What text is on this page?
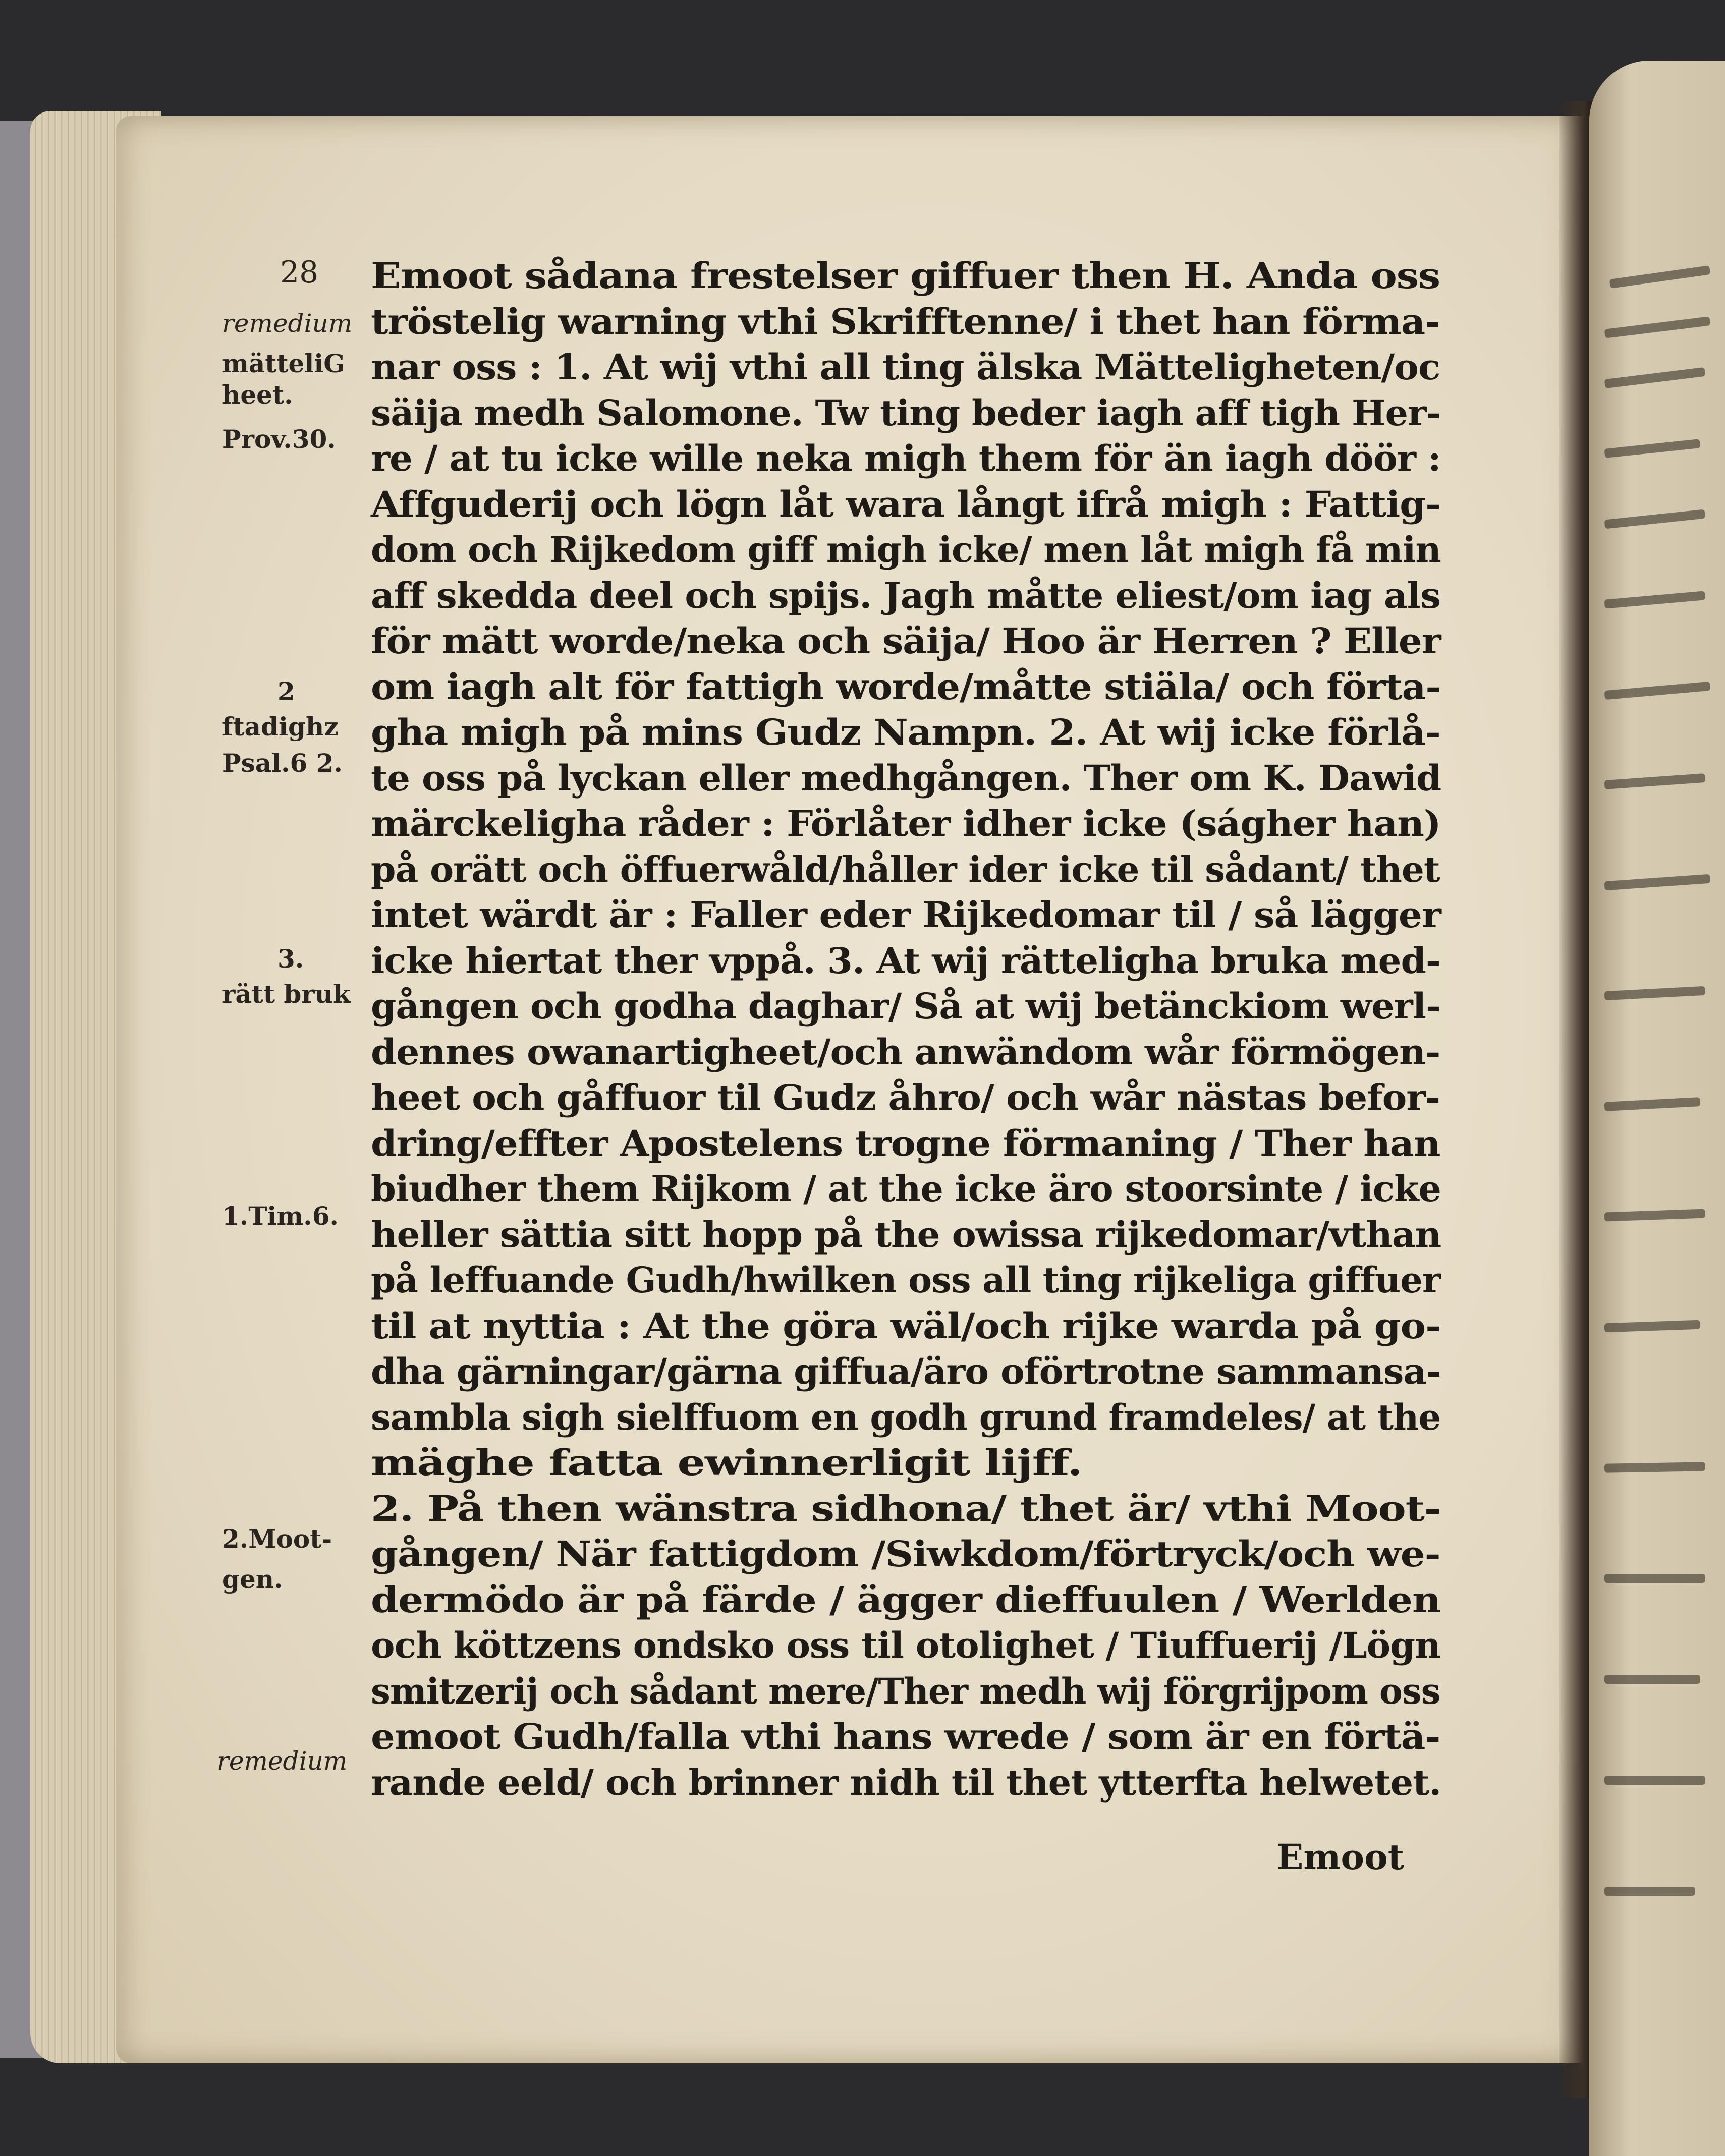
28
remedium
mätteliG
heet.
Prov.30.
2
ftadighz
Psal.6 2.
3.
rätt bruk
1.Tim.6.
2.Moot-
gen.
remedium
Emoot sådana frestelser giffuer then H. Anda oss
tröstelig warning vthi Skrifftenne/ i thet han förma-
nar oss : 1. At wij vthi all ting älska Mätteligheten/oc
säija medh Salomone. Tw ting beder iagh aff tigh Her-
re / at tu icke wille neka migh them för än iagh döör :
Affguderij och lögn låt wara långt ifrå migh : Fattig-
dom och Rijkedom giff migh icke/ men låt migh få min
aff skedda deel och spijs. Jagh måtte eliest/om iag als
för mätt worde/neka och säija/ Hoo är Herren ? Eller
om iagh alt för fattigh worde/måtte stiäla/ och förta-
gha migh på mins Gudz Nampn. 2. At wij icke förlå-
te oss på lyckan eller medhgången. Ther om K. Dawid
märckeligha råder : Förlåter idher icke (ságher han)
på orätt och öffuerwåld/håller ider icke til sådant/ thet
intet wärdt är : Faller eder Rijkedomar til / så lägger
icke hiertat ther vppå. 3. At wij rätteligha bruka med-
gången och godha daghar/ Så at wij betänckiom werl-
dennes owanartigheet/och anwändom wår förmögen-
heet och gåffuor til Gudz åhro/ och wår nästas befor-
dring/effter Apostelens trogne förmaning / Ther han
biudher them Rijkom / at the icke äro stoorsinte / icke
heller sättia sitt hopp på the owissa rijkedomar/vthan
på leffuande Gudh/hwilken oss all ting rijkeliga giffuer
til at nyttia : At the göra wäl/och rijke warda på go-
dha gärningar/gärna giffua/äro oförtrotne sammansa-
sambla sigh sielffuom en godh grund framdeles/ at the
mäghe fatta ewinnerligit lijff.
2. På then wänstra sidhona/ thet är/ vthi Moot-
gången/ När fattigdom /Siwkdom/förtryck/och we-
dermödo är på färde / ägger dieffuulen / Werlden
och köttzens ondsko oss til otolighet / Tiuffuerij /Lögn
smitzerij och sådant mere/Ther medh wij förgrijpom oss
emoot Gudh/falla vthi hans wrede / som är en förtä-
rande eeld/ och brinner nidh til thet ytterfta helwetet.
Emoot
